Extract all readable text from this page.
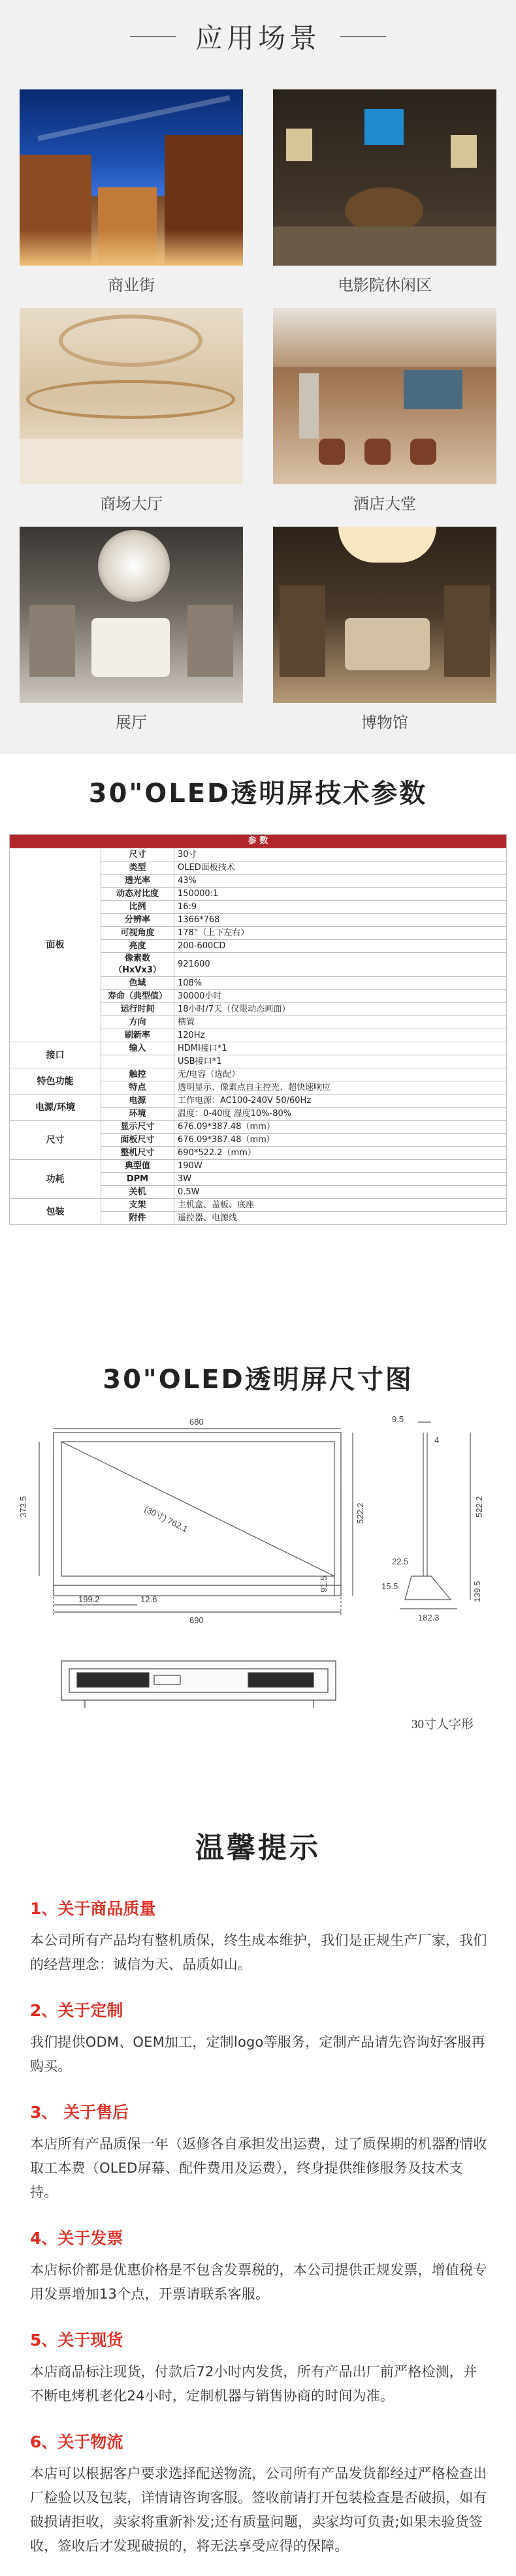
应用场景
商业街	电影院休闲区
商场大厅	酒店大堂
展厅	博物馆
30"OLED透明屏技术参数
参 数		
面板	尺寸	30寸
	类型	OLED面板技术
	透光率	43%
	动态对比度	150000:1
	比例	16:9
	分辨率	1366*768
	可视角度	178°（上下左右）
	亮度	200-600CD
	像素数（HxVx3）	921600
	色域	108%
	寿命（典型值）	30000小时
	运行时间	18小时/7天（仅限动态画面）
	方向	横置
	刷新率	120Hz
接口	输入	HDMI接口*1
		USB接口*1
特色功能	触控	无/电容（选配）
	特点	透明显示、像素点自主控光、超快速响应
电源/环境	电源	工作电源：AC100-240V 50/60Hz
	环境	温度：0-40度 湿度10%-80%
尺寸	显示尺寸	676.09*387.48（mm）
	面板尺寸	676.09*387.48（mm）
	整机尺寸	690*522.2（mm）
功耗	典型值	190W
	DPM	3W
	关机	0.5W
包装	支架	主机盒、盖板、底座
	附件	遥控器、电源线
30"OLED透明屏尺寸图
680
(30寸) 762.1
373.5	522.2
12.6
199.2
690
91.5
9.5
4
522.2
22.5
15.5	139.5
182.3
30寸人字形
温馨提示
1、关于商品质量

本公司所有产品均有整机质保，终生成本维护，我们是正规生产厂家，我们的经营理念：诚信为天、品质如山。

2、关于定制

我们提供ODM、OEM加工，定制logo等服务，定制产品请先咨询好客服再购买。

3、 关于售后

本店所有产品质保一年（返修各自承担发出运费，过了质保期的机器酌情收取工本费（OLED屏幕、配件费用及运费），终身提供维修服务及技术支持。

4、关于发票

本店标价都是优惠价格是不包含发票税的，本公司提供正规发票，增值税专用发票增加13个点，开票请联系客服。

5、关于现货

本店商品标注现货，付款后72小时内发货，所有产品出厂前严格检测，并不断电烤机老化24小时，定制机器与销售协商的时间为准。

6、关于物流

本店可以根据客户要求选择配送物流，公司所有产品发货都经过严格检查出厂检验以及包装，详情请咨询客服。签收前请打开包装检查是否破损，如有破损请拒收，卖家将重新补发;还有质量问题，卖家均可负责;如果未验货签收，签收后才发现破损的，将无法享受应得的保障。
